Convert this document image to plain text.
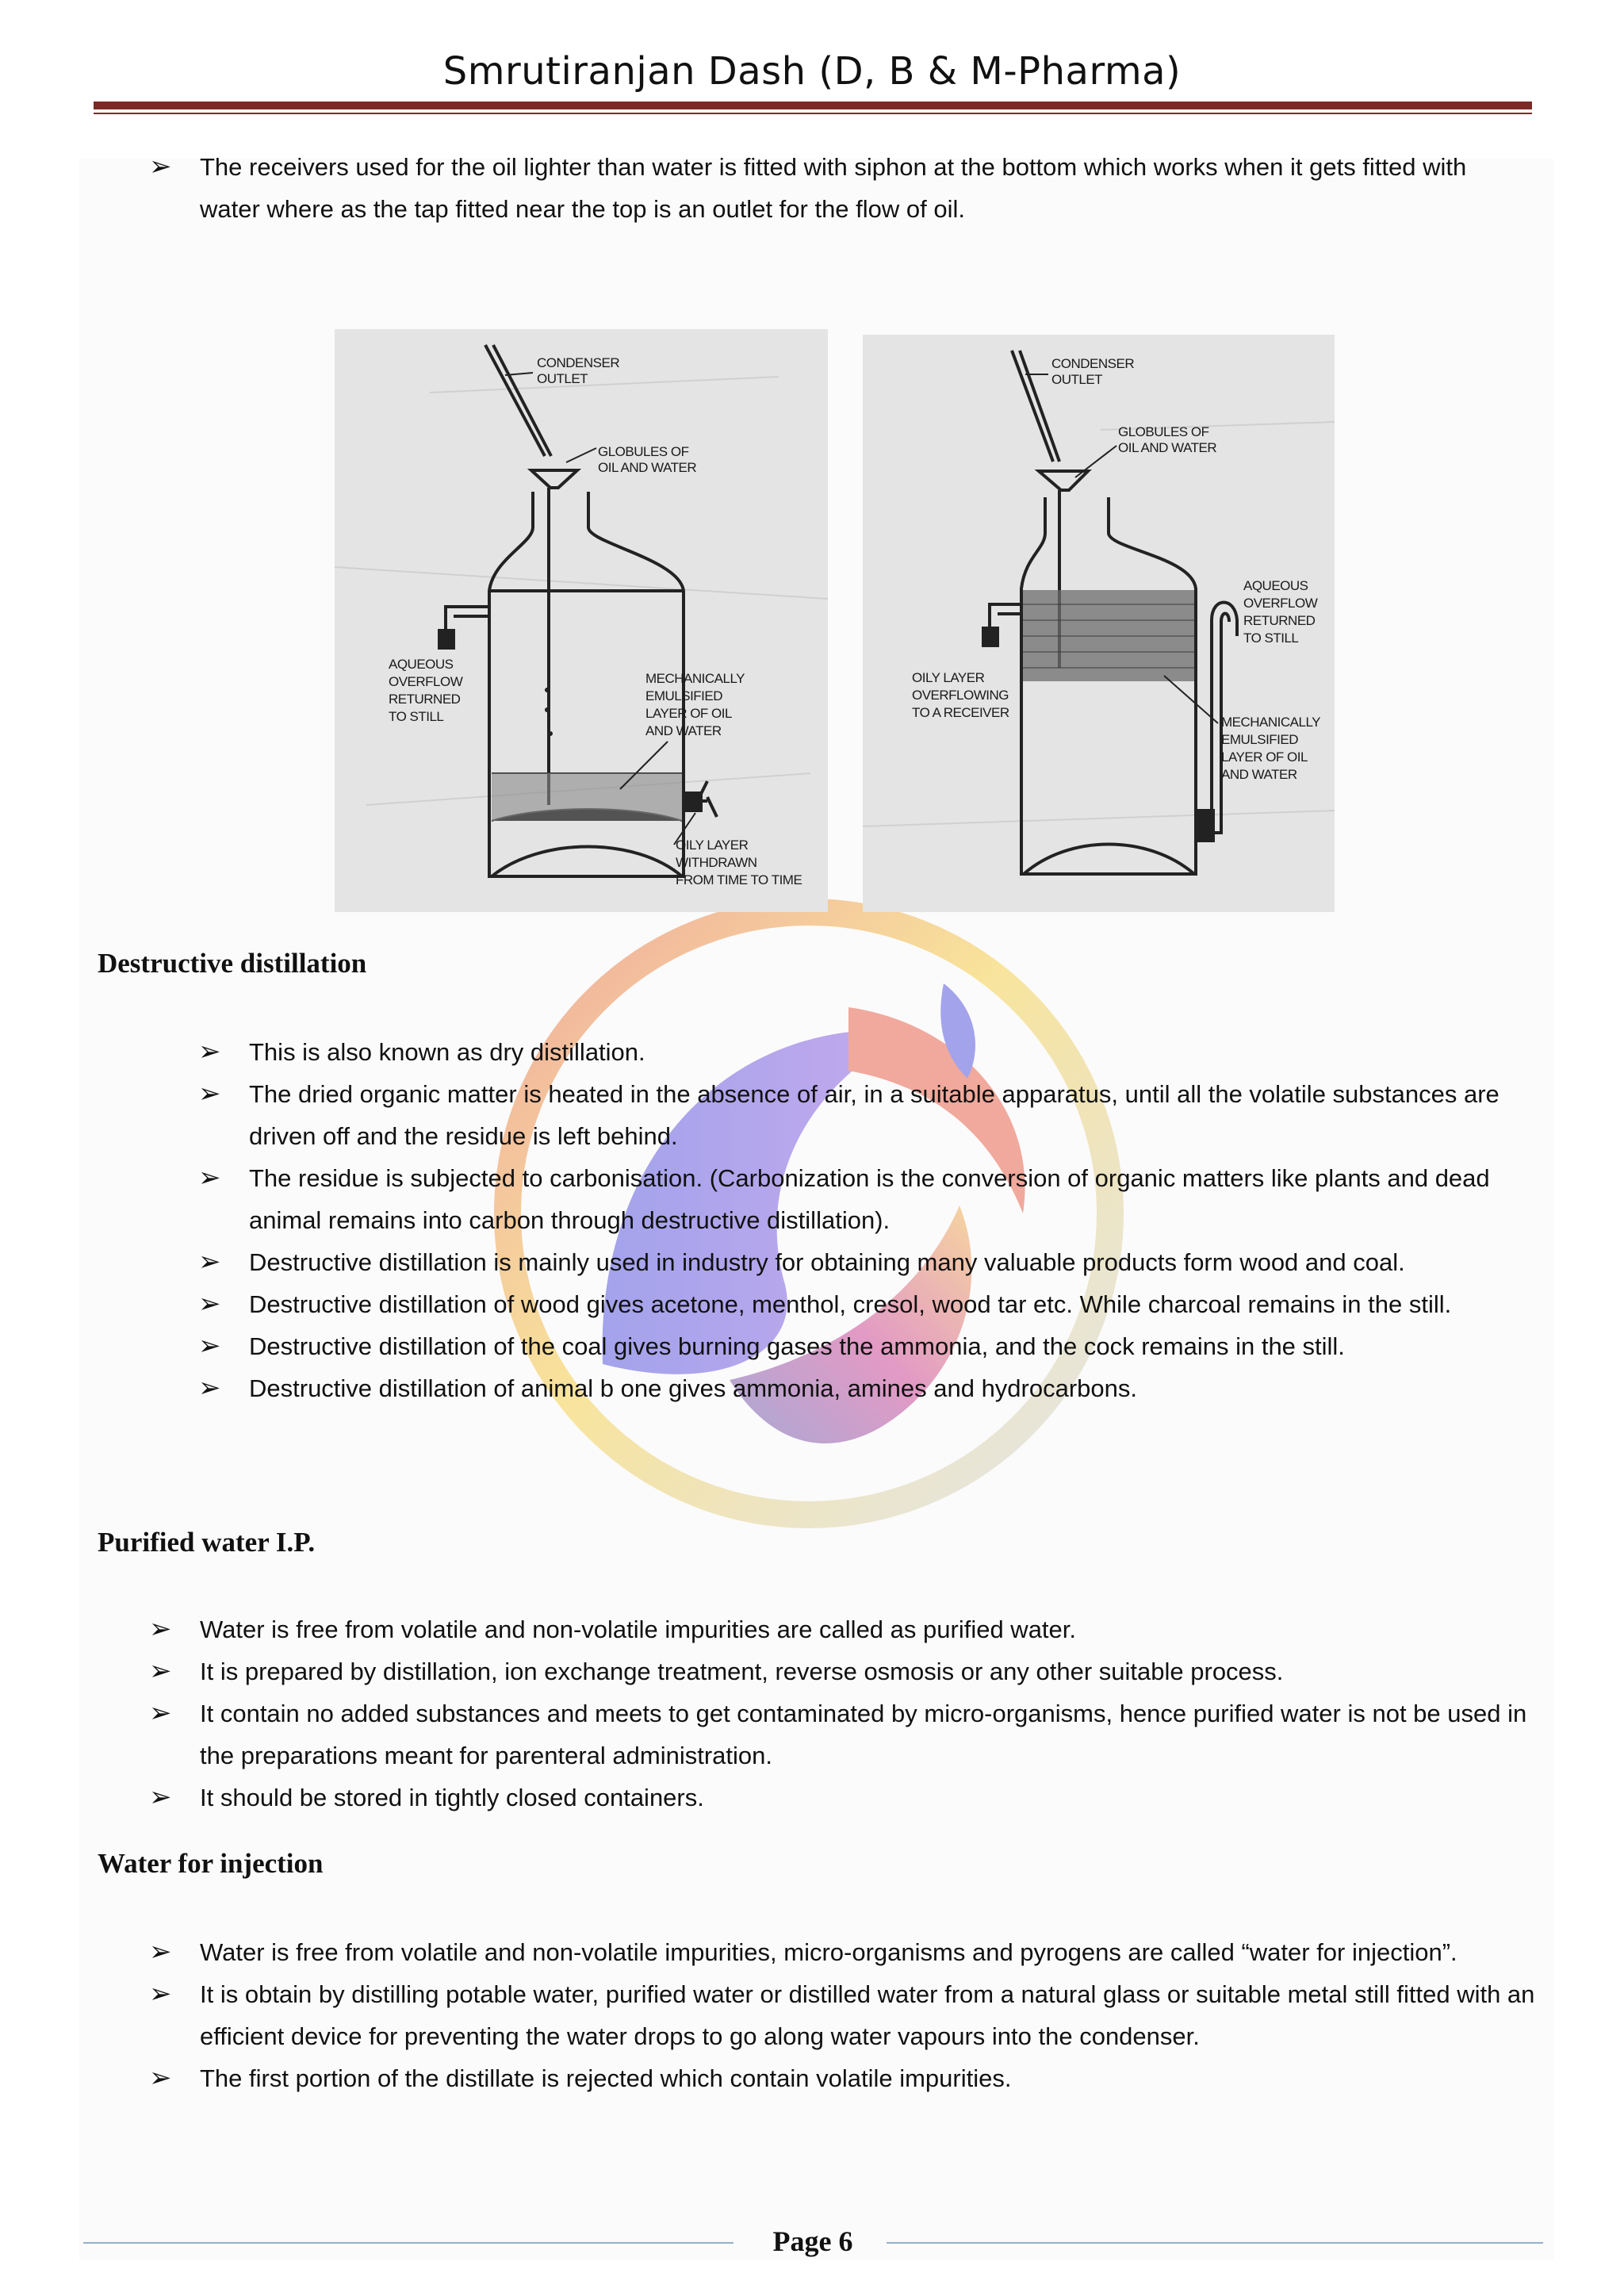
Smrutiranjan Dash (D, B & M-Pharma)
➢ The receivers used for the oil lighter than water is fitted with siphon at the bottom which works when it gets fitted with water where as the tap fitted near the top is an outlet for the flow of oil.
CONDENSER
OUTLET
GLOBULES OF
OIL AND WATER
AQUEOUS
OVERFLOW
RETURNED
TO STILL
MECHANICALLY
EMULSIFIED
LAYER OF OIL
AND WATER
OILY LAYER
WITHDRAWN
FROM TIME TO TIME
CONDENSER
OUTLET
GLOBULES OF
OIL AND WATER
AQUEOUS
OVERFLOW
RETURNED
TO STILL
OILY LAYER
OVERFLOWING
TO A RECEIVER
MECHANICALLY
EMULSIFIED
LAYER OF OIL
AND WATER
Destructive distillation
➢ This is also known as dry distillation.
➢ The dried organic matter is heated in the absence of air, in a suitable apparatus, until all the volatile substances are driven off and the residue is left behind.
➢ The residue is subjected to carbonisation. (Carbonization is the conversion of organic matters like plants and dead animal remains into carbon through destructive distillation).
➢ Destructive distillation is mainly used in industry for obtaining many valuable products form wood and coal.
➢ Destructive distillation of wood gives acetone, menthol, cresol, wood tar etc. While charcoal remains in the still.
➢ Destructive distillation of the coal gives burning gases the ammonia, and the cock remains in the still.
➢ Destructive distillation of animal b one gives ammonia, amines and hydrocarbons.
Purified water I.P.
➢ Water is free from volatile and non-volatile impurities are called as purified water.
➢ It is prepared by distillation, ion exchange treatment, reverse osmosis or any other suitable process.
➢ It contain no added substances and meets to get contaminated by micro-organisms, hence purified water is not be used in the preparations meant for parenteral administration.
➢ It should be stored in tightly closed containers.
Water for injection
➢ Water is free from volatile and non-volatile impurities, micro-organisms and pyrogens are called “water for injection”.
➢ It is obtain by distilling potable water, purified water or distilled water from a natural glass or suitable metal still fitted with an efficient device for preventing the water drops to go along water vapours into the condenser.
➢ The first portion of the distillate is rejected which contain volatile impurities.
Page 6
